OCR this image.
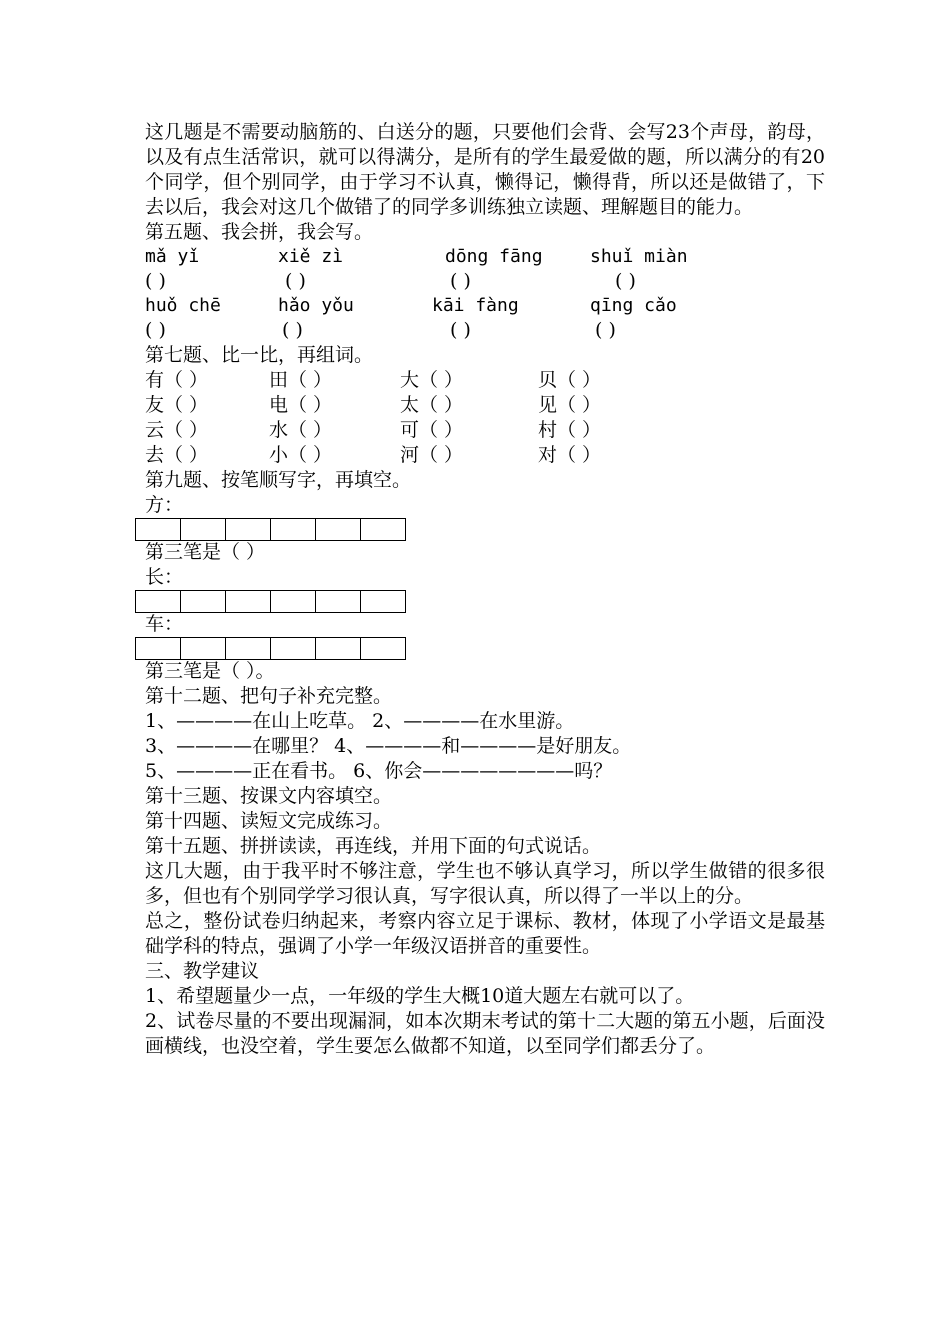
这几题是不需要动脑筋的、白送分的题，只要他们会背、会写23个声母，韵母，以及有点生活常识，就可以得满分，是所有的学生最爱做的题，所以满分的有20个同学，但个别同学，由于学习不认真，懒得记，懒得背，所以还是做错了，下去以后，我会对这几个做错了的同学多训练独立读题、理解题目的能力。
第五题、我会拼，我会写。
mǎ yǐ	xiě zì	dōng fāng	shuǐ miàn
( )	( )	( )	( )
huǒ chē	hǎo yǒu	kāi fàng	qīng cǎo
( )	( )	( )	( )
第七题、比一比，再组词。
有（ ）	田（ ）	大（ ）	贝（ ）
友（ ）	电（ ）	太（ ）	见（ ）
云（ ）	水（ ）	可（ ）	村（ ）
去（ ）	小（ ）	河（ ）	对（ ）
第九题、按笔顺写字，再填空。
方：
第三笔是（ ）
长：
车：
第三笔是（ ）。
第十二题、把句子补充完整。
1、————在山上吃草。 2、————在水里游。
3、————在哪里？ 4、————和————是好朋友。
5、————正在看书。 6、你会————————吗？
第十三题、按课文内容填空。
第十四题、读短文完成练习。
第十五题、拼拼读读，再连线，并用下面的句式说话。
这几大题，由于我平时不够注意，学生也不够认真学习，所以学生做错的很多很多，但也有个别同学学习很认真，写字很认真，所以得了一半以上的分。
总之，整份试卷归纳起来，考察内容立足于课标、教材，体现了小学语文是最基础学科的特点，强调了小学一年级汉语拼音的重要性。
三、教学建议
1、希望题量少一点，一年级的学生大概10道大题左右就可以了。
2、试卷尽量的不要出现漏洞，如本次期末考试的第十二大题的第五小题，后面没画横线，也没空着，学生要怎么做都不知道，以至同学们都丢分了。
